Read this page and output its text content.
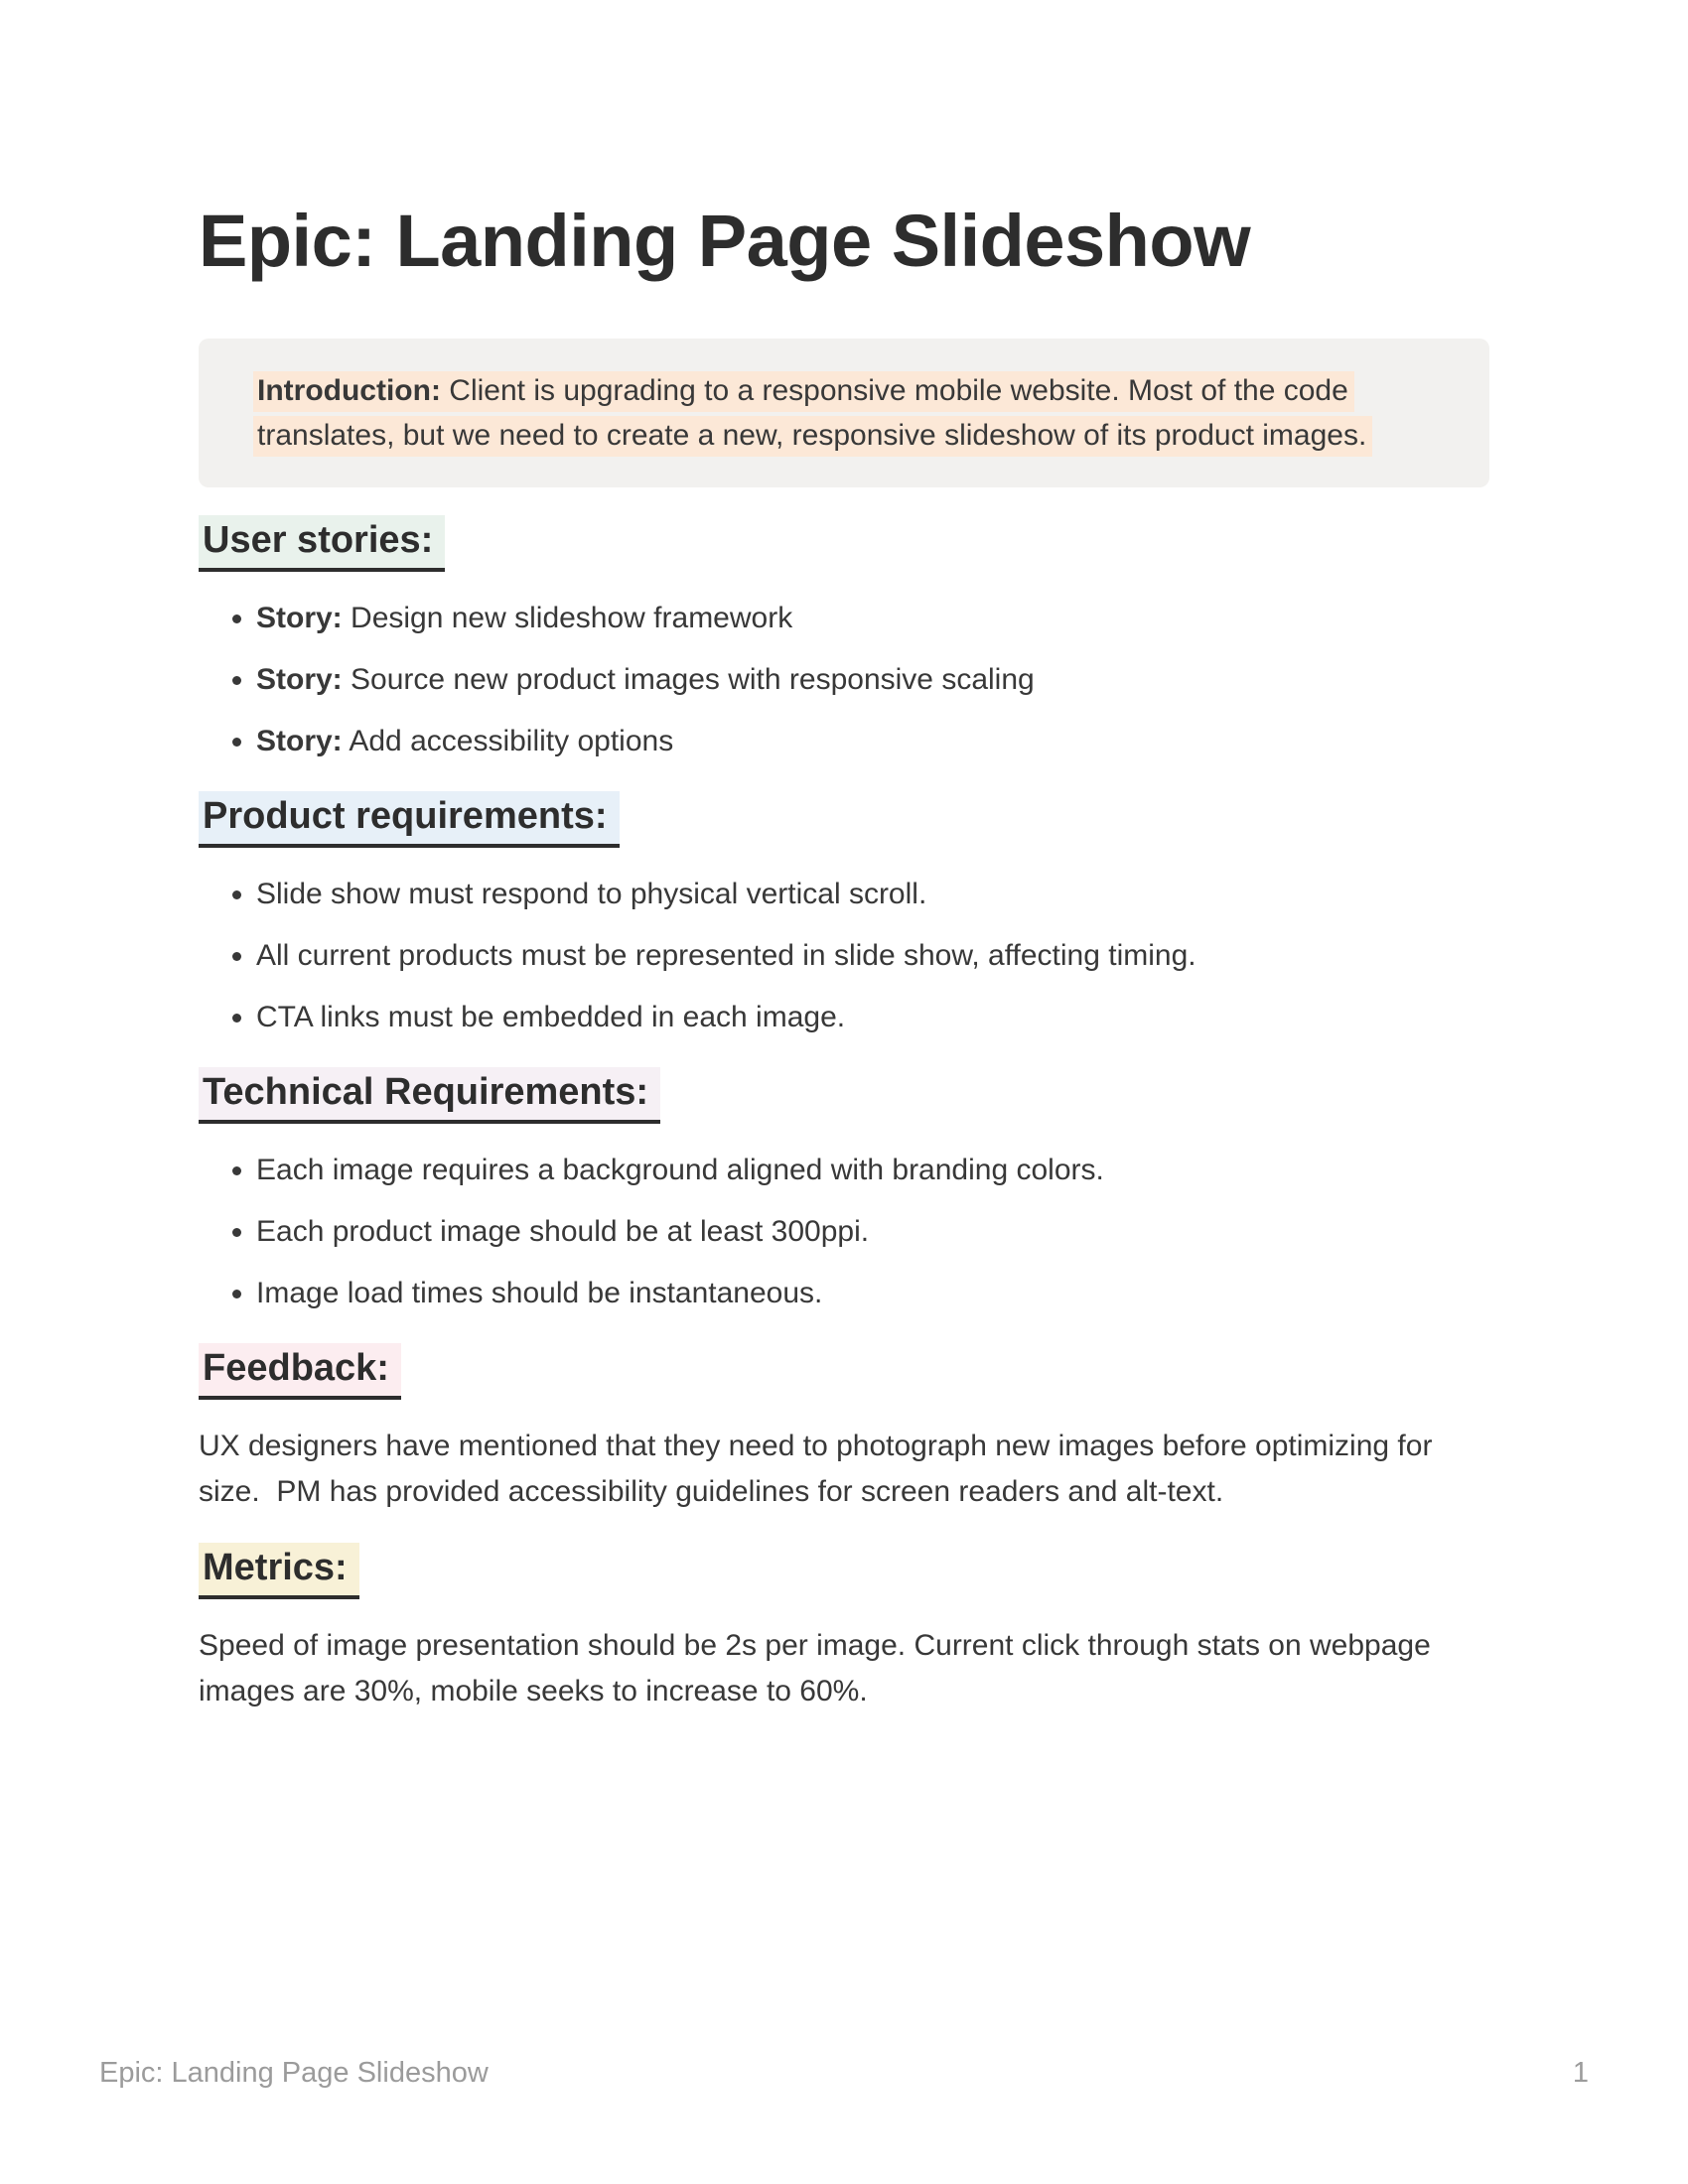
Epic: Landing Page Slideshow

Introduction: Client is upgrading to a responsive mobile website. Most of the code translates, but we need to create a new, responsive slideshow of its product images.

User stories:
• Story: Design new slideshow framework
• Story: Source new product images with responsive scaling
• Story: Add accessibility options
Product requirements:
• Slide show must respond to physical vertical scroll.
• All current products must be represented in slide show, affecting timing.
• CTA links must be embedded in each image.
Technical Requirements:
• Each image requires a background aligned with branding colors.
• Each product image should be at least 300ppi.
• Image load times should be instantaneous.
Feedback:

UX designers have mentioned that they need to photograph new images before optimizing for size.  PM has provided accessibility guidelines for screen readers and alt-text.

Metrics:

Speed of image presentation should be 2s per image. Current click through stats on webpage images are 30%, mobile seeks to increase to 60%.

Epic: Landing Page Slideshow	1
